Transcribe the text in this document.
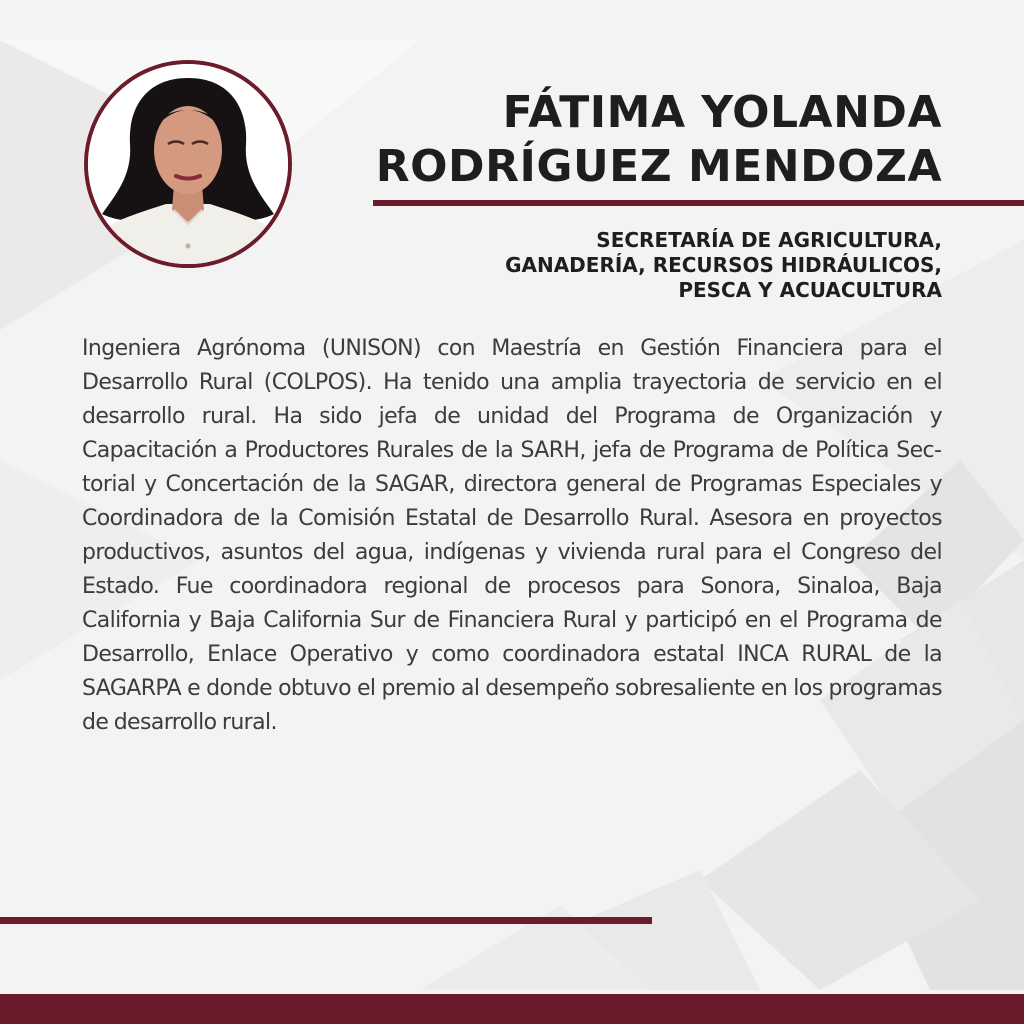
FÁTIMA YOLANDA
RODRÍGUEZ MENDOZA
SECRETARÍA DE AGRICULTURA,
GANADERÍA, RECURSOS HIDRÁULICOS,
PESCA Y ACUACULTURA

Ingeniera Agrónoma (UNISON) con Maestría en Gestión Financiera para el Desarrollo Rural (COLPOS). Ha tenido una amplia trayectoria de servicio en el desarrollo rural. Ha sido jefa de unidad del Programa de Organización y Capacitación a Productores Rurales de la SARH, jefa de Programa de Política Sectorial y Concertación de la SAGAR, directora general de Programas Especiales y Coordinadora de la Comisión Estatal de Desarrollo Rural. Asesora en proyectos productivos, asuntos del agua, indígenas y vivienda rural para el Congreso del Estado. Fue coordinadora regional de procesos para Sonora, Sinaloa, Baja California y Baja California Sur de Financiera Rural y participó en el Programa de Desarrollo, Enlace Operativo y como coordinadora estatal INCA RURAL de la SAGARPA e donde obtuvo el premio al desempeño sobresaliente en los programas de desarrollo rural.
